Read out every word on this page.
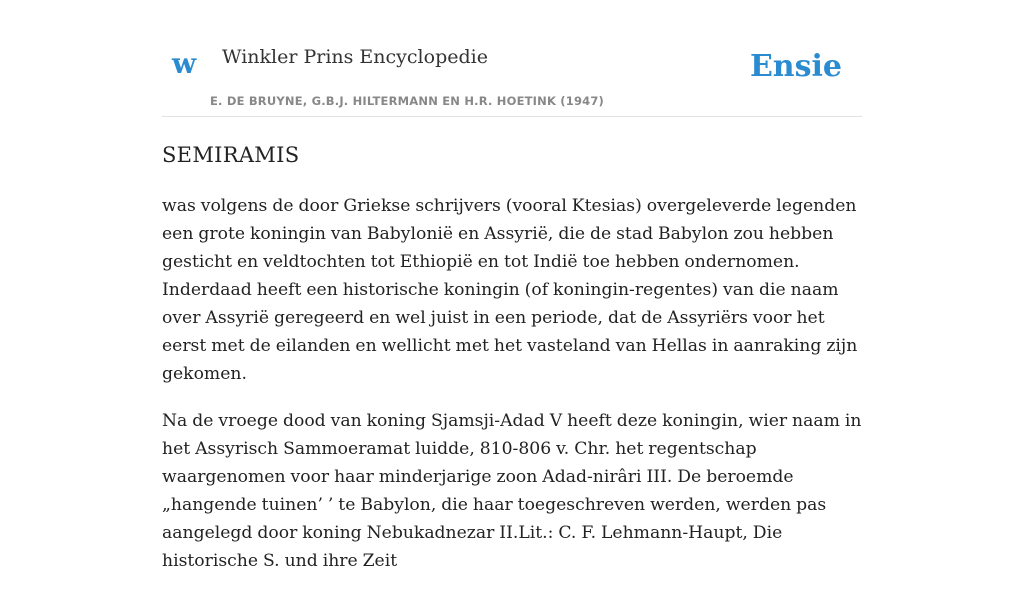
w Winkler Prins Encyclopedie
E. DE BRUYNE, G.B.J. HILTERMANN EN H.R. HOETINK (1947)
Ensie
SEMIRAMIS

was volgens de door Griekse schrijvers (vooral Ktesias) overgeleverde legenden een grote koningin van Babylonië en Assyrië, die de stad Babylon zou hebben gesticht en veldtochten tot Ethiopië en tot Indië toe hebben ondernomen. Inderdaad heeft een historische koningin (of koningin-regentes) van die naam over Assyrië geregeerd en wel juist in een periode, dat de Assyriërs voor het eerst met de eilanden en wellicht met het vasteland van Hellas in aanraking zijn gekomen.

Na de vroege dood van koning Sjamsji-Adad V heeft deze koningin, wier naam in het Assyrisch Sammoeramat luidde, 810-806 v. Chr. het regentschap waargenomen voor haar minderjarige zoon Adad-nirâri III. De beroemde „hangende tuinen’ ’ te Babylon, die haar toegeschreven werden, werden pas aangelegd door koning Nebukadnezar II.Lit.: C. F. Lehmann-Haupt, Die historische S. und ihre Zeit
